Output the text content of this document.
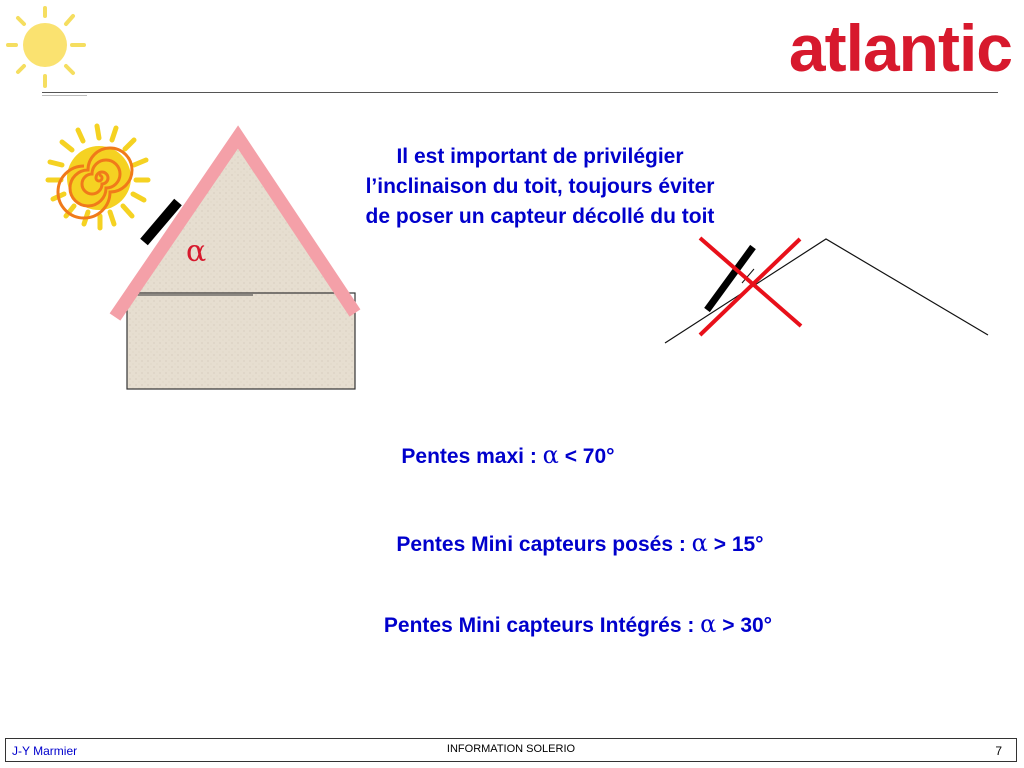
atlantic
α
Il est important de privilégier
l’inclinaison du toit, toujours éviter
de poser un capteur décollé du toit
Pentes maxi : α < 70°
Pentes Mini capteurs posés : α > 15°
Pentes Mini capteurs Intégrés : α > 30°
J-Y Marmier	INFORMATION SOLERIO	7
